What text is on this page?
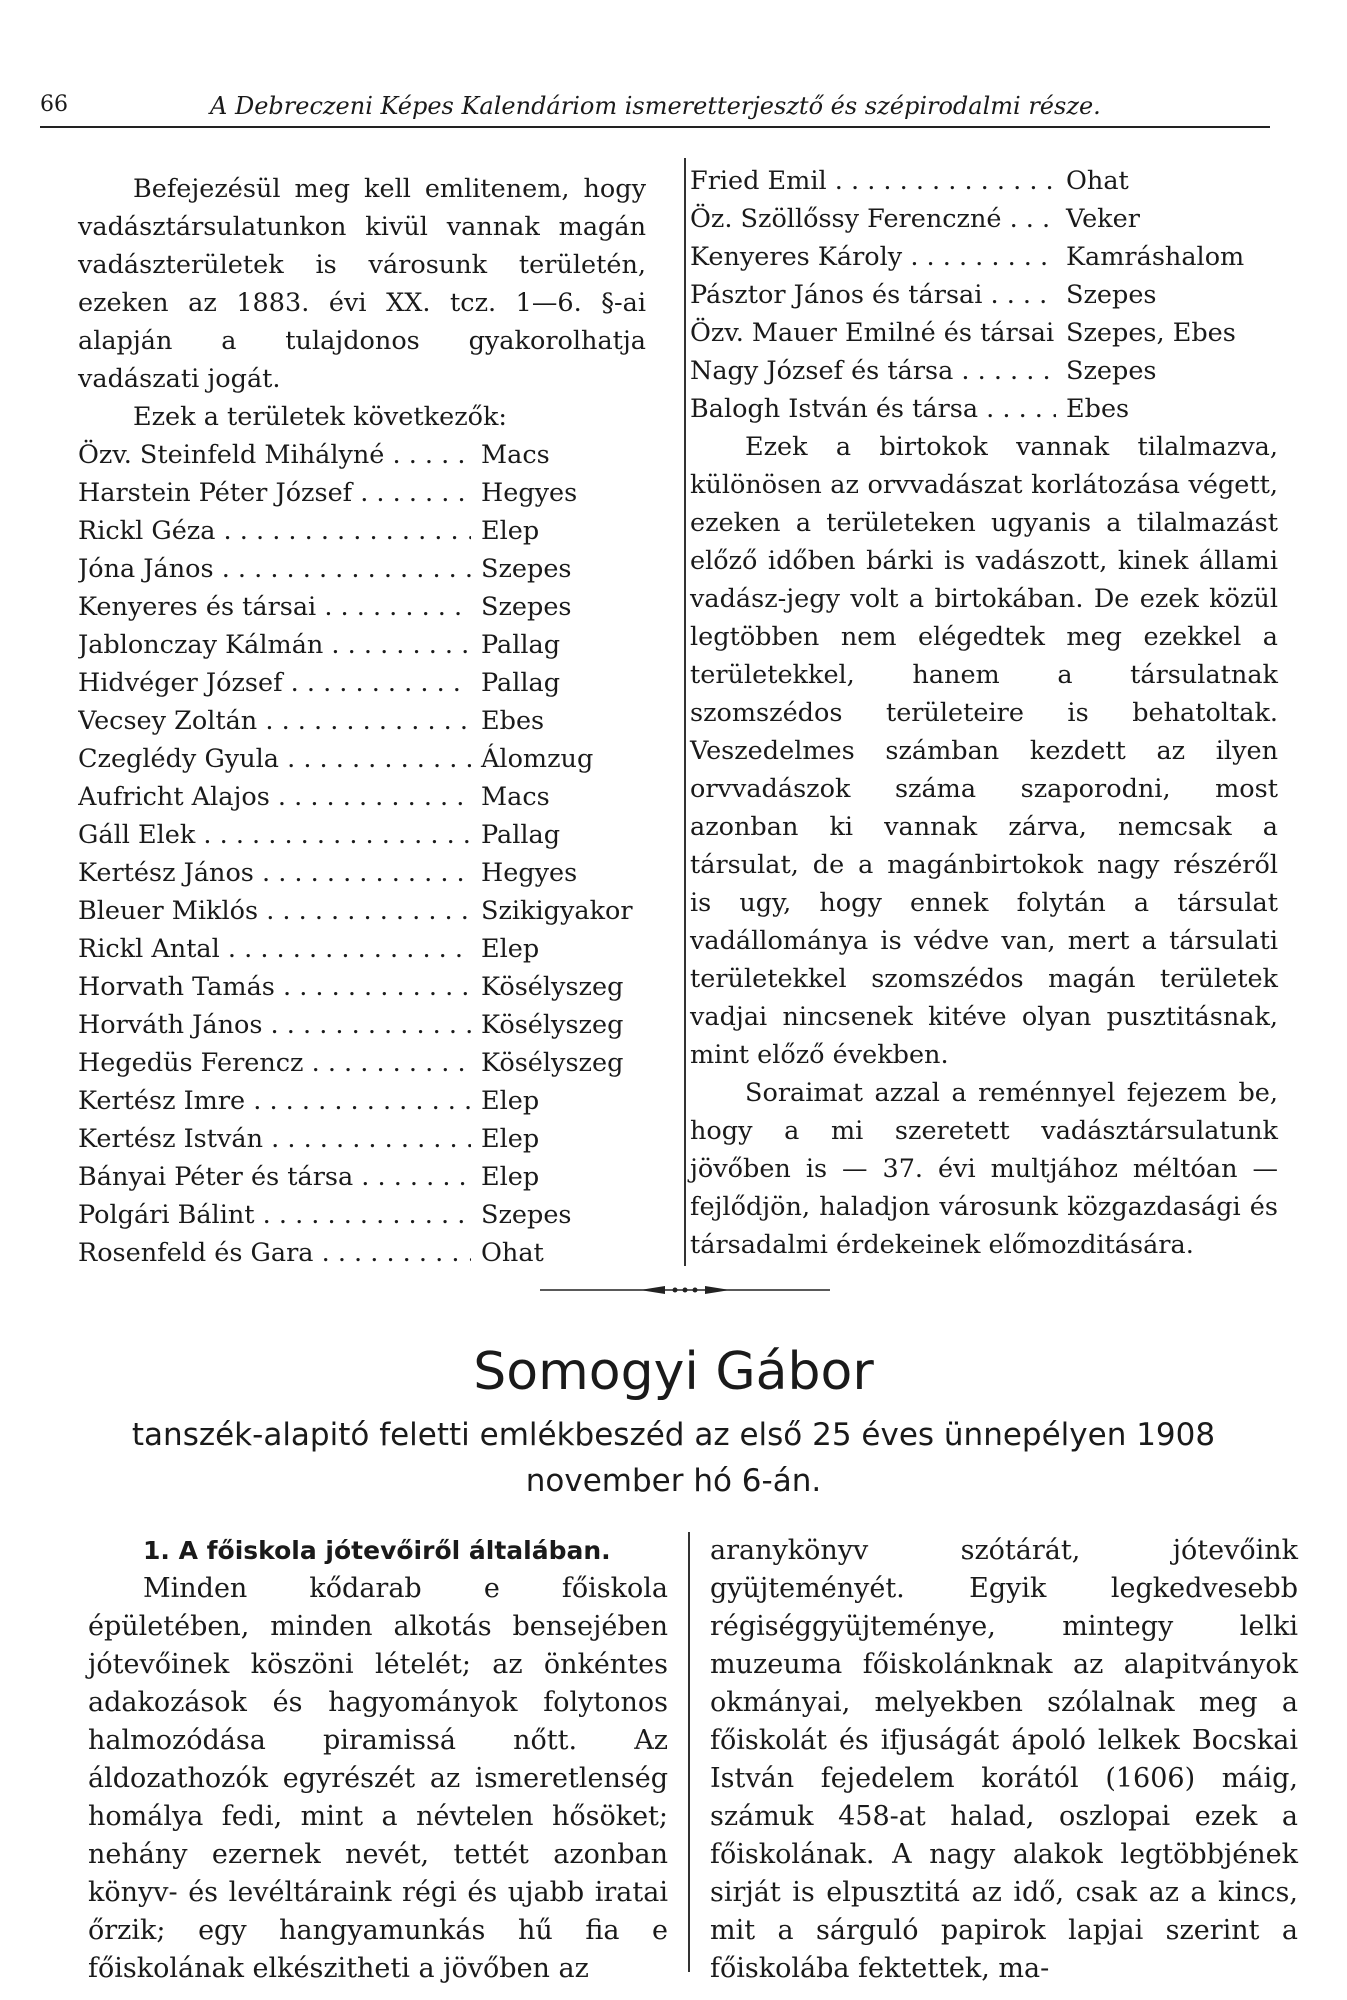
66	A Debreczeni Képes Kalendáriom ismeretterjesztő és szépirodalmi része.

Befejezésül meg kell emlitenem, hogy vadásztársulatunkon kivül vannak magán vadászterületek is városunk területén, ezeken az 1883. évi XX. tcz. 1—6. §-ai alapján a tulajdonos gyakorolhatja vadászati jogát.

Ezek a területek következők:

Özv. Steinfeld Mihályné . . .	Macs
Harstein Péter József . . .	Hegyes
Rickl Géza . . .	Elep
Jóna János . . .	Szepes
Kenyeres és társai . . .	Szepes
Jablonczay Kálmán . . .	Pallag
Hidvéger József . . .	Pallag
Vecsey Zoltán . . .	Ebes
Czeglédy Gyula . . .	Álomzug
Aufricht Alajos . . .	Macs
Gáll Elek . . .	Pallag
Kertész János . . .	Hegyes
Bleuer Miklós . . .	Szikigyakor
Rickl Antal . . .	Elep
Horvath Tamás . . .	Kösélyszeg
Horváth János . . .	Kösélyszeg
Hegedüs Ferencz . . .	Kösélyszeg
Kertész Imre . . .	Elep
Kertész István . . .	Elep
Bányai Péter és társa . . .	Elep
Polgári Bálint . . .	Szepes
Rosenfeld és Gara . . .	Ohat
Fried Emil . . .	Ohat
Öz. Szöllőssy Ferenczné . . .	Veker
Kenyeres Károly . . .	Kamráshalom
Pásztor János és társai . . .	Szepes
Özv. Mauer Emilné és társai . . . Szepes, Ebes
Nagy József és társa . . .	Szepes
Balogh István és társa . . .	Ebes

Ezek a birtokok vannak tilalmazva, különösen az orvvadászat korlátozása végett, ezeken a területeken ugyanis a tilalmazást előző időben bárki is vadászott, kinek állami vadász-jegy volt a birtokában. De ezek közül legtöbben nem elégedtek meg ezekkel a területekkel, hanem a társulatnak szomszédos területeire is behatoltak. Veszedelmes számban kezdett az ilyen orvvadászok száma szaporodni, most azonban ki vannak zárva, nemcsak a társulat, de a magánbirtokok nagy részéről is ugy, hogy ennek folytán a társulat vadállománya is védve van, mert a társulati területekkel szomszédos magán területek vadjai nincsenek kitéve olyan pusztitásnak, mint előző években.

Soraimat azzal a reménnyel fejezem be, hogy a mi szeretett vadásztársulatunk jövőben is — 37. évi multjához méltóan — fejlődjön, haladjon városunk közgazdasági és társadalmi érdekeinek előmozditására.

Somogyi Gábor
tanszék-alapitó feletti emlékbeszéd az első 25 éves ünnepélyen 1908 november hó 6-án.

1. A főiskola jótevőiről általában.

Minden kődarab e főiskola épületében, minden alkotás bensejében jótevőinek köszöni lételét; az önkéntes adakozások és hagyományok folytonos halmozódása piramissá nőtt. Az áldozathozók egyrészét az ismeretlenség homálya fedi, mint a névtelen hősöket; nehány ezernek nevét, tettét azonban könyv- és levéltáraink régi és ujabb iratai őrzik; egy hangyamunkás hű fia e főiskolának elkészitheti a jövőben az

aranykönyv szótárát, jótevőink gyüjteményét. Egyik legkedvesebb régiséggyüjteménye, mintegy lelki muzeuma főiskolánknak az alapitványok okmányai, melyekben szólalnak meg a főiskolát és ifjuságát ápoló lelkek Bocskai István fejedelem korától (1606) máig, számuk 458-at halad, oszlopai ezek a főiskolának. A nagy alakok legtöbbjének sirját is elpusztitá az idő, csak az a kincs, mit a sárguló papirok lapjai szerint a főiskolába fektettek, ma-
